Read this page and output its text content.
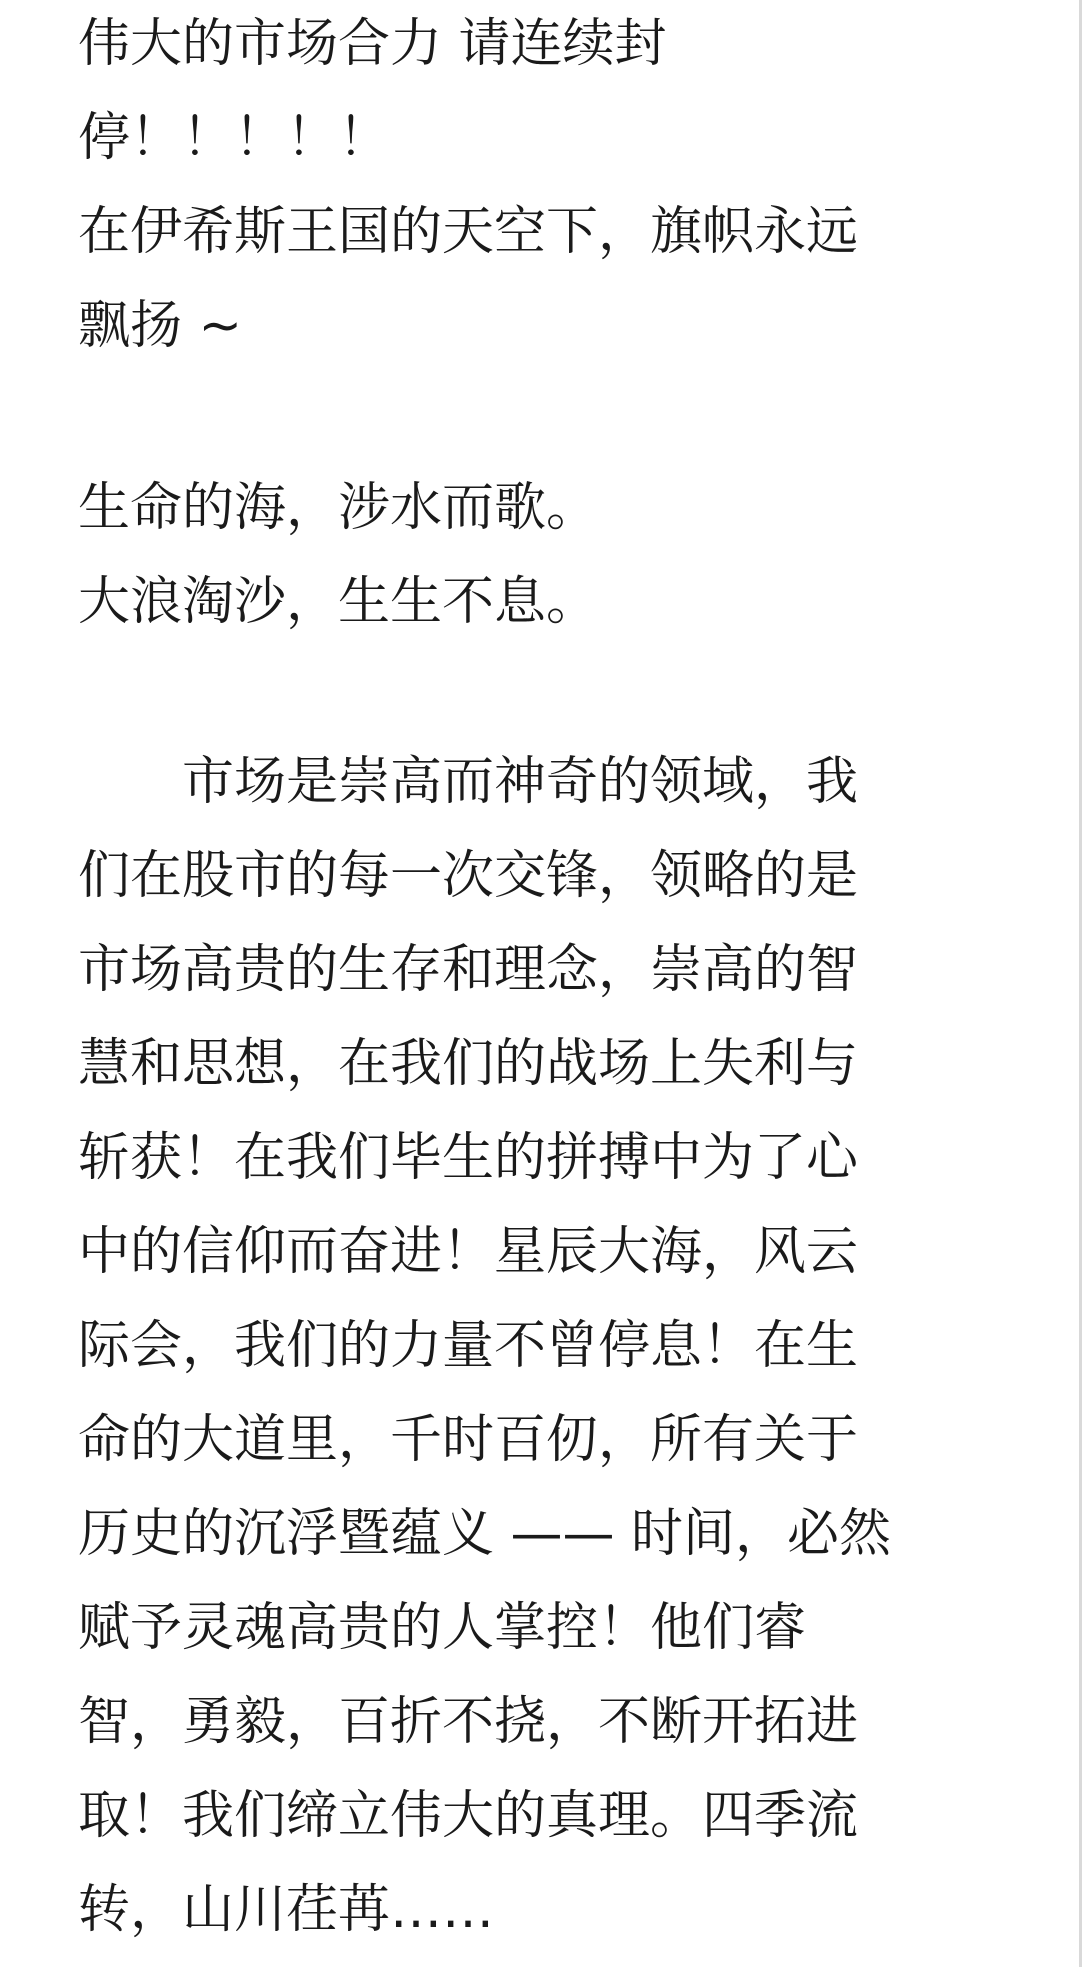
伟大的市场合力 请连续封
停！！！！！
在伊希斯王国的天空下，旗帜永远
飘扬 ~
生命的海，涉水而歌。
大浪淘沙，生生不息。
　　市场是崇高而神奇的领域，我
们在股市的每一次交锋，领略的是
市场高贵的生存和理念，崇高的智
慧和思想，在我们的战场上失利与
斩获！在我们毕生的拼搏中为了心
中的信仰而奋进！星辰大海，风云
际会，我们的力量不曾停息！在生
命的大道里，千时百仞，所有关于
历史的沉浮暨蕴义 —— 时间，必然
赋予灵魂高贵的人掌控！他们睿
智，勇毅，百折不挠，不断开拓进
取！我们缔立伟大的真理。四季流
转，山川荏苒……
